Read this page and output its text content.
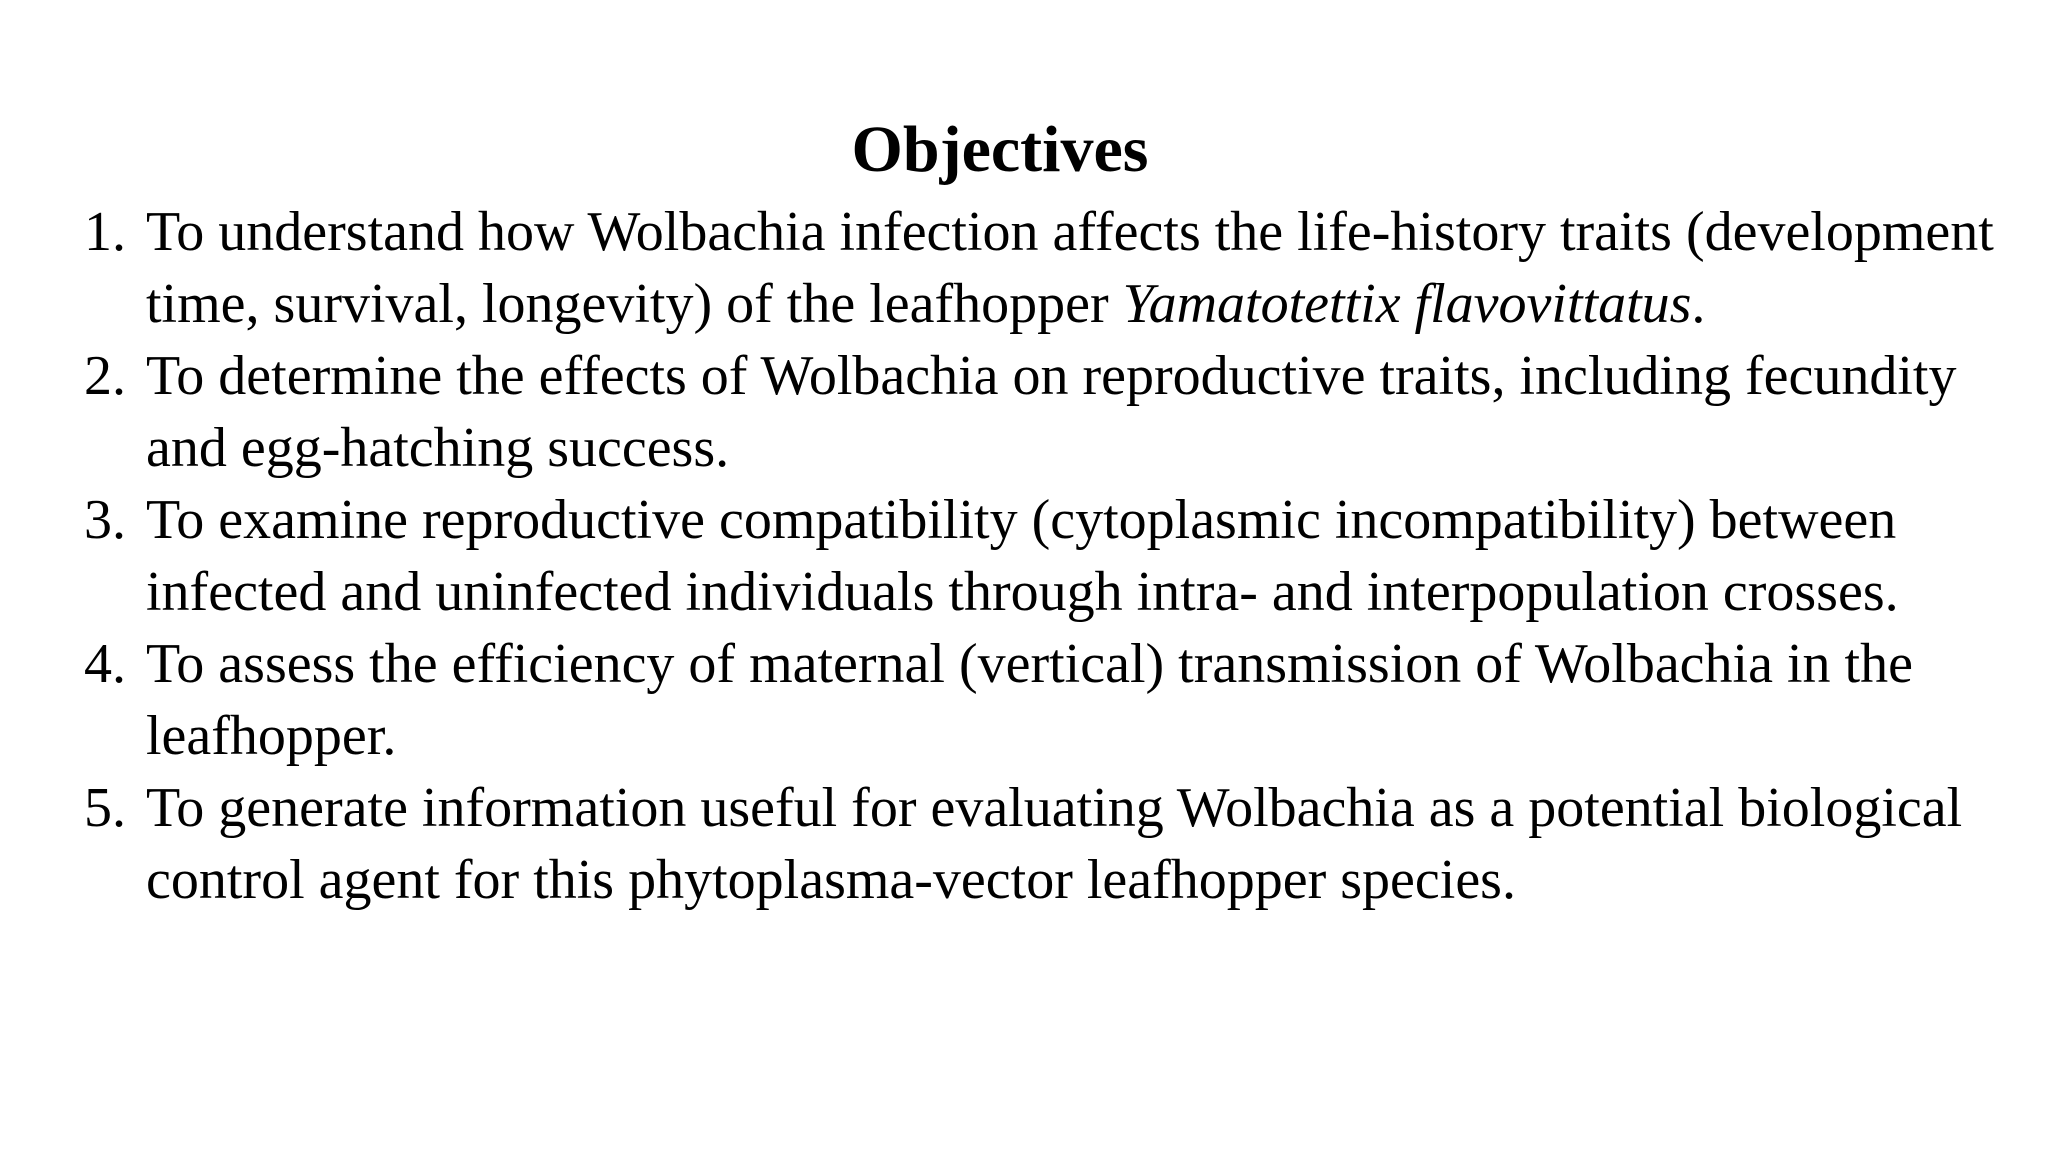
Objectives
1. To understand how Wolbachia infection affects the life-history traits (development time, survival, longevity) of the leafhopper Yamatotettix flavovittatus.
2. To determine the effects of Wolbachia on reproductive traits, including fecundity and egg-hatching success.
3. To examine reproductive compatibility (cytoplasmic incompatibility) between infected and uninfected individuals through intra- and interpopulation crosses.
4. To assess the efficiency of maternal (vertical) transmission of Wolbachia in the leafhopper.
5. To generate information useful for evaluating Wolbachia as a potential biological control agent for this phytoplasma-vector leafhopper species.
